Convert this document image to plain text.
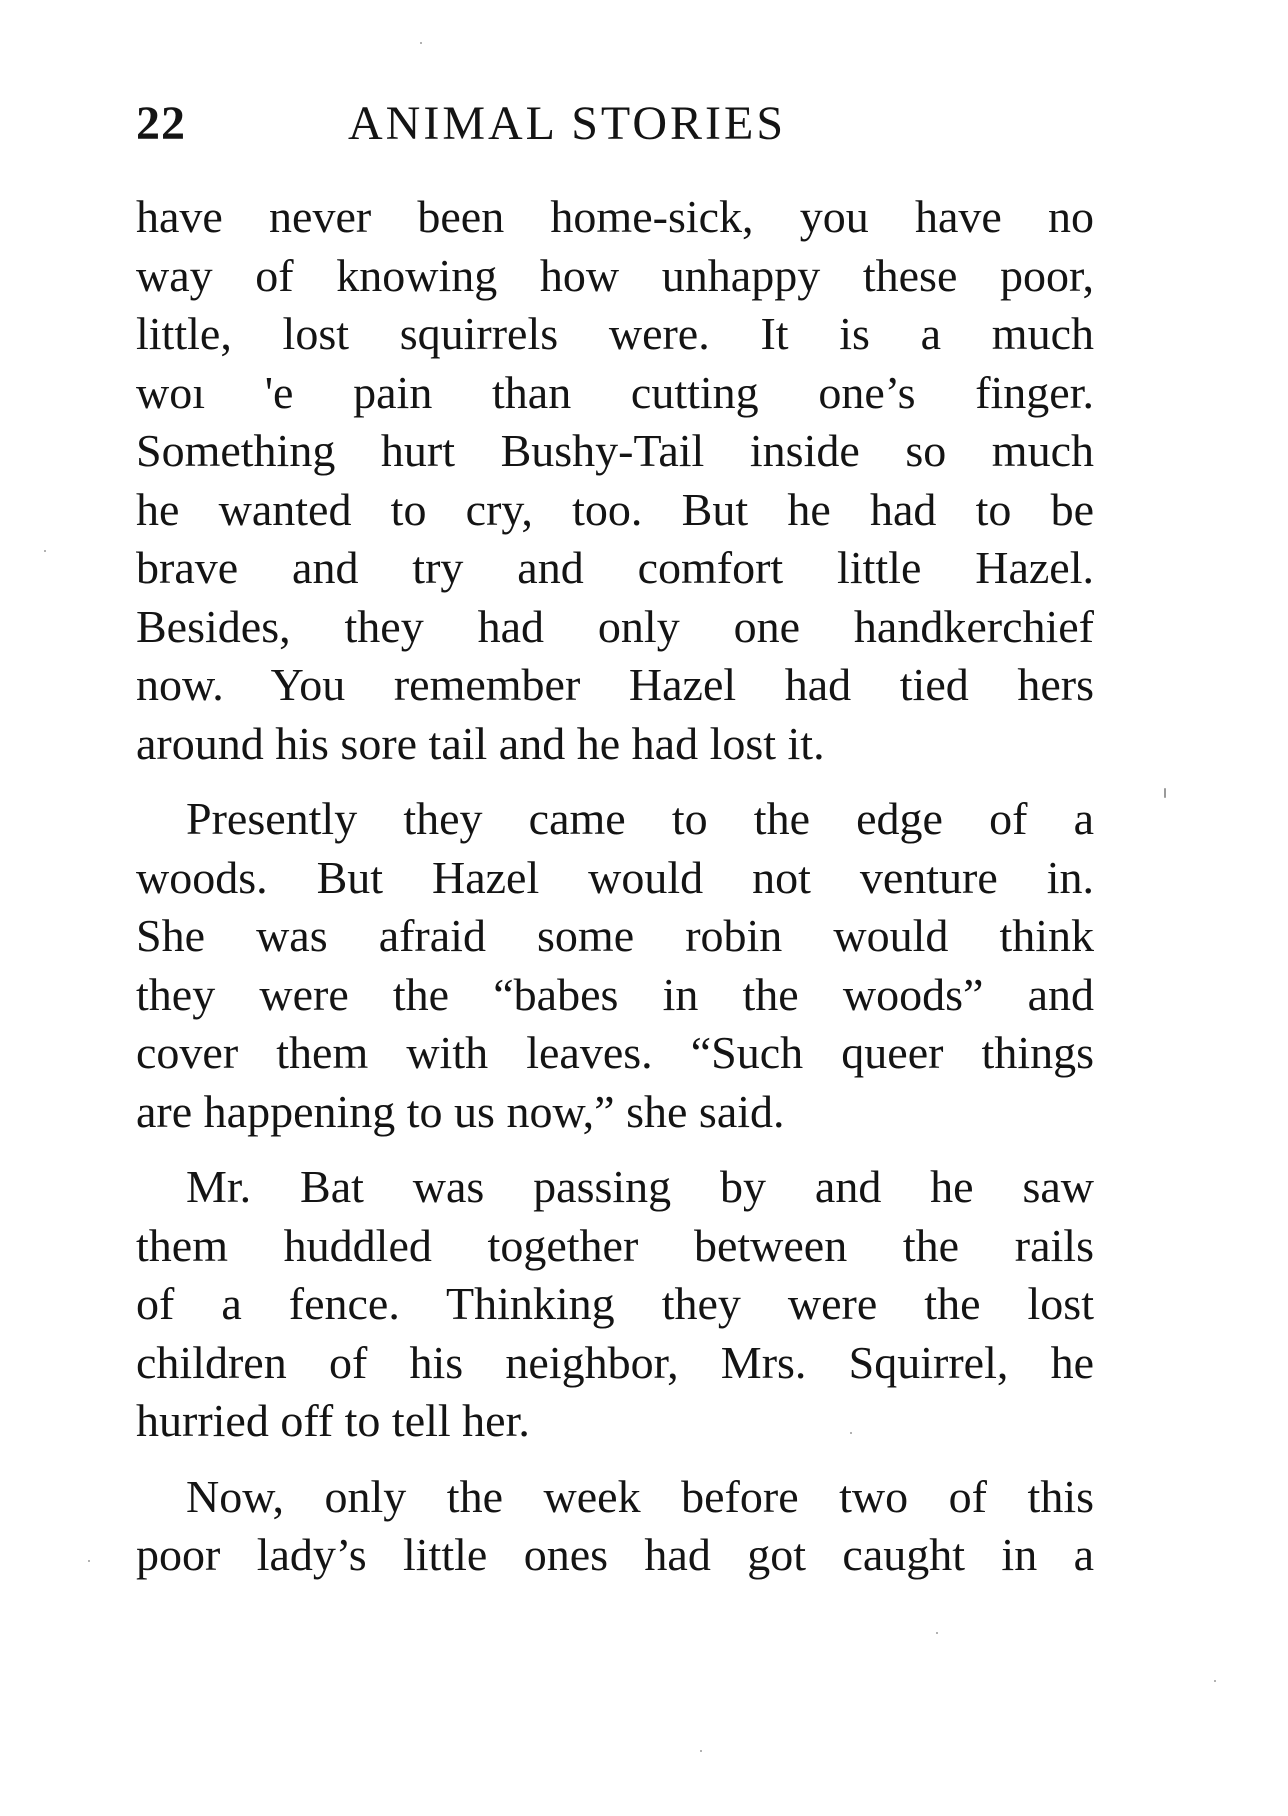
22	ANIMAL STORIES

have never been home-sick, you have no
way of knowing how unhappy these poor,
little, lost squirrels were. It is a much
woı 'e pain than cutting one’s finger.
Something hurt Bushy-Tail inside so much
he wanted to cry, too. But he had to be
brave and try and comfort little Hazel.
Besides, they had only one handkerchief
now. You remember Hazel had tied hers
around his sore tail and he had lost it.

Presently they came to the edge of a
woods. But Hazel would not venture in.
She was afraid some robin would think
they were the “babes in the woods” and
cover them with leaves. “Such queer things
are happening to us now,” she said.

Mr. Bat was passing by and he saw
them huddled together between the rails
of a fence. Thinking they were the lost
children of his neighbor, Mrs. Squirrel, he
hurried off to tell her.

Now, only the week before two of this
poor lady’s little ones had got caught in a
